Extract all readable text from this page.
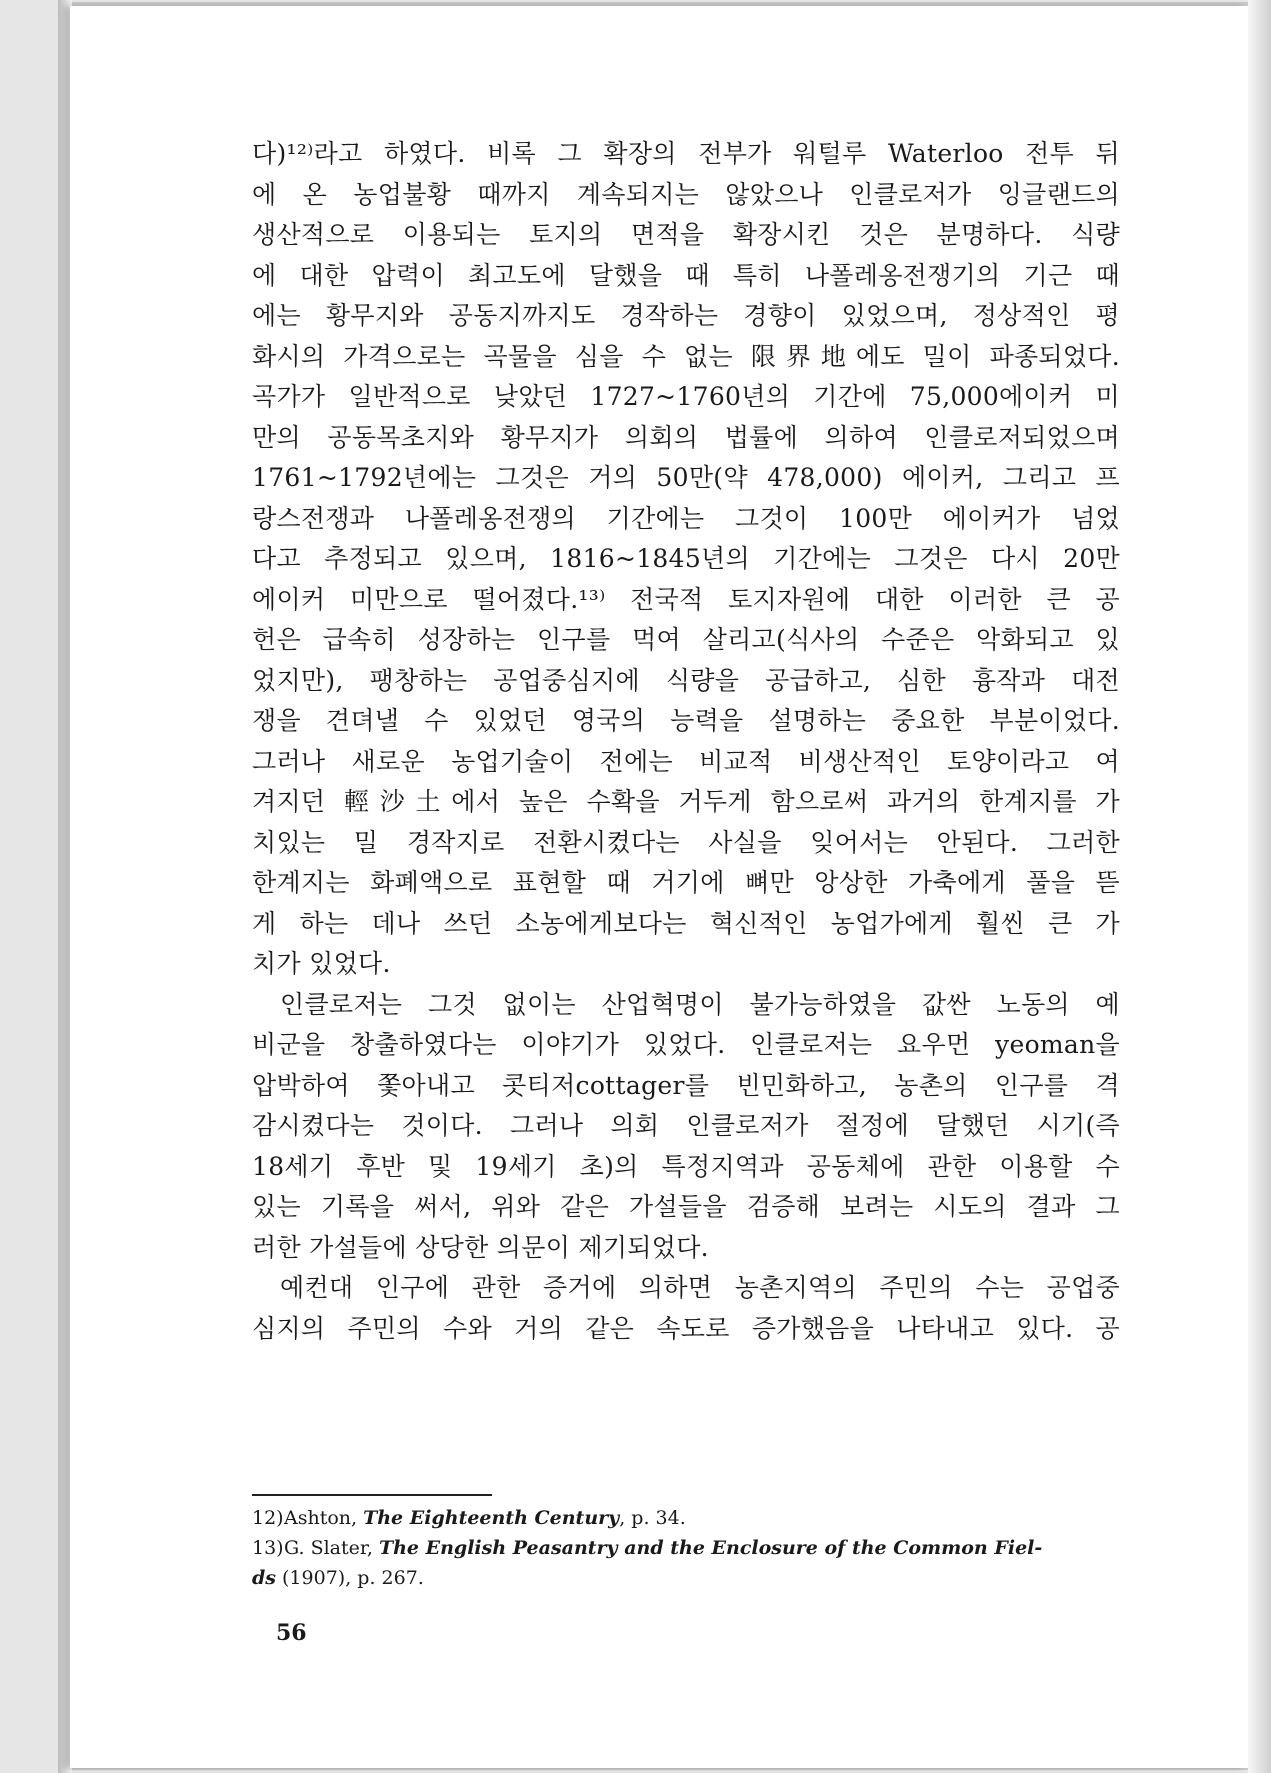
다)¹²⁾라고 하였다. 비록 그 확장의 전부가 워털루 Waterloo 전투 뒤

에 온 농업불황 때까지 계속되지는 않았으나 인클로저가 잉글랜드의

생산적으로 이용되는 토지의 면적을 확장시킨 것은 분명하다. 식량

에 대한 압력이 최고도에 달했을 때 특히 나폴레옹전쟁기의 기근 때

에는 황무지와 공동지까지도 경작하는 경향이 있었으며, 정상적인 평

화시의 가격으로는 곡물을 심을 수 없는 限界地에도 밀이 파종되었다.

곡가가 일반적으로 낮았던 1727~1760년의 기간에 75,000에이커 미

만의 공동목초지와 황무지가 의회의 법률에 의하여 인클로저되었으며

1761~1792년에는 그것은 거의 50만(약 478,000) 에이커, 그리고 프

랑스전쟁과 나폴레옹전쟁의 기간에는 그것이 100만 에이커가 넘었

다고 추정되고 있으며, 1816~1845년의 기간에는 그것은 다시 20만

에이커 미만으로 떨어졌다.¹³⁾ 전국적 토지자원에 대한 이러한 큰 공

헌은 급속히 성장하는 인구를 먹여 살리고(식사의 수준은 악화되고 있

었지만), 팽창하는 공업중심지에 식량을 공급하고, 심한 흉작과 대전

쟁을 견뎌낼 수 있었던 영국의 능력을 설명하는 중요한 부분이었다.

그러나 새로운 농업기술이 전에는 비교적 비생산적인 토양이라고 여

겨지던 輕沙土에서 높은 수확을 거두게 함으로써 과거의 한계지를 가

치있는 밀 경작지로 전환시켰다는 사실을 잊어서는 안된다. 그러한

한계지는 화폐액으로 표현할 때 거기에 뼈만 앙상한 가축에게 풀을 뜯

게 하는 데나 쓰던 소농에게보다는 혁신적인 농업가에게 훨씬 큰 가

치가 있었다.

인클로저는 그것 없이는 산업혁명이 불가능하였을 값싼 노동의 예

비군을 창출하였다는 이야기가 있었다. 인클로저는 요우먼 yeoman을

압박하여 쫓아내고 콧티저cottager를 빈민화하고, 농촌의 인구를 격

감시켰다는 것이다. 그러나 의회 인클로저가 절정에 달했던 시기(즉

18세기 후반 및 19세기 초)의 특정지역과 공동체에 관한 이용할 수

있는 기록을 써서, 위와 같은 가설들을 검증해 보려는 시도의 결과 그

러한 가설들에 상당한 의문이 제기되었다.

예컨대 인구에 관한 증거에 의하면 농촌지역의 주민의 수는 공업중

심지의 주민의 수와 거의 같은 속도로 증가했음을 나타내고 있다. 공

12)Ashton, The Eighteenth Century, p. 34.

13)G. Slater, The English Peasantry and the Enclosure of the Common Fiel-

ds (1907), p. 267.

56
